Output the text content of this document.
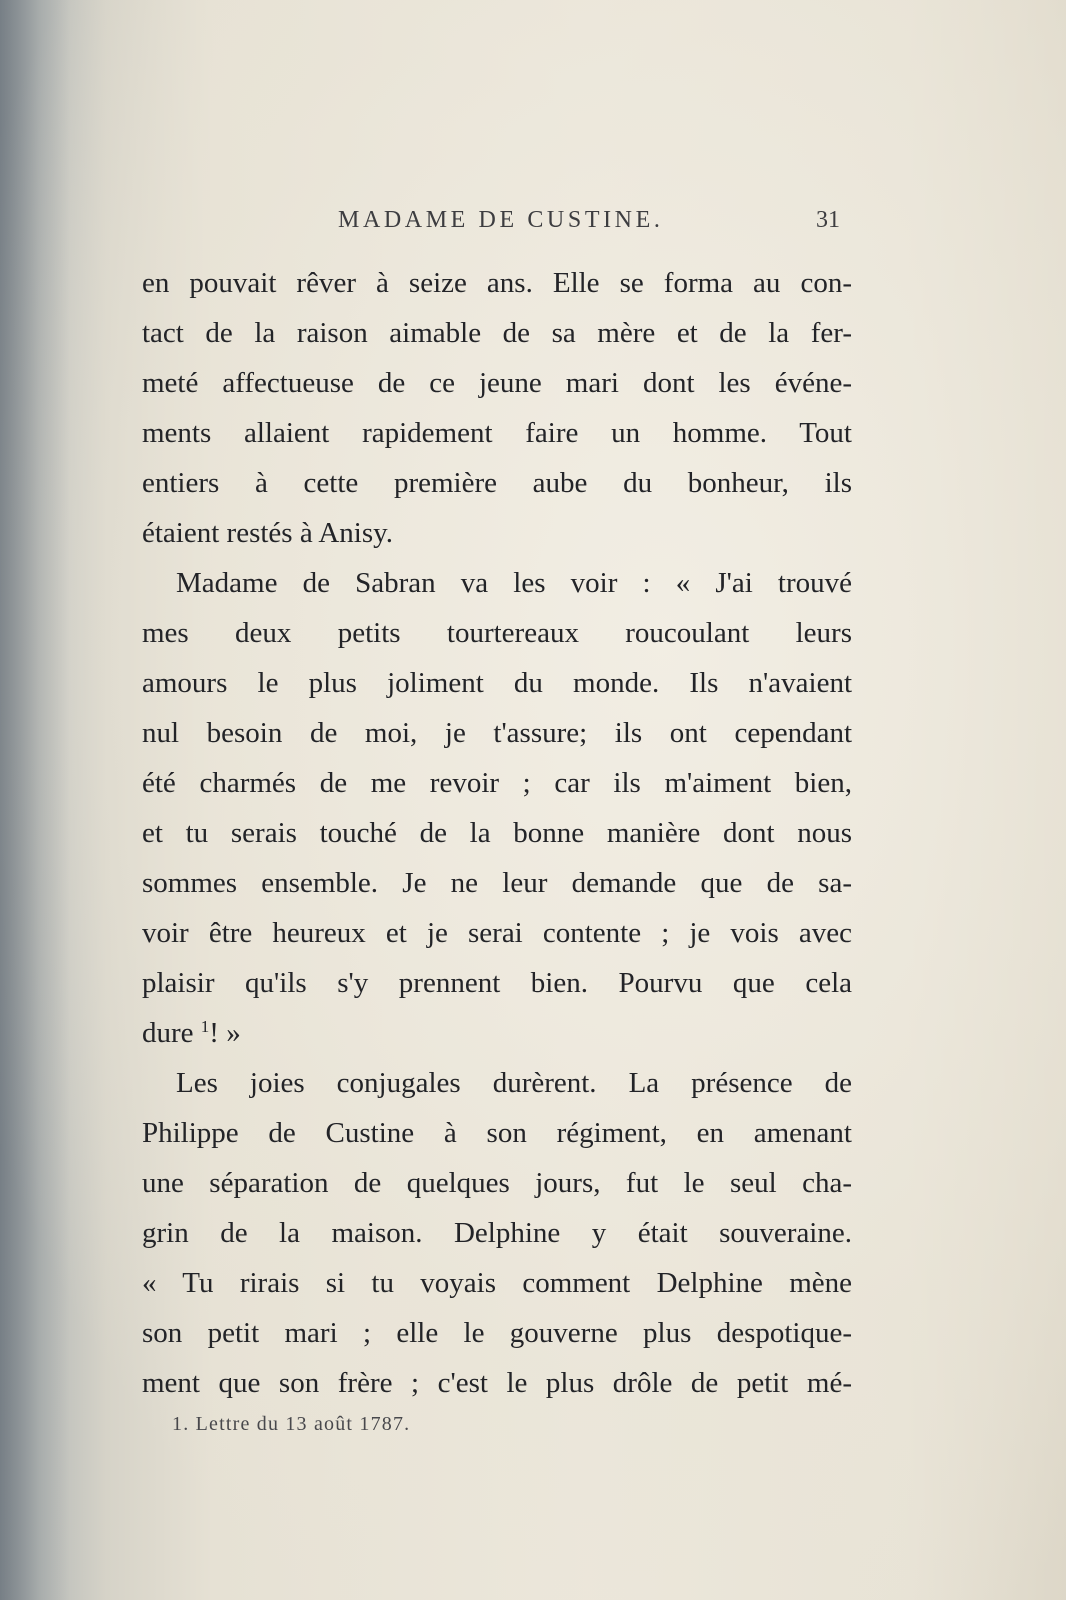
MADAME DE CUSTINE.	31
en pouvait rêver à seize ans. Elle se forma au con-
tact de la raison aimable de sa mère et de la fer-
meté affectueuse de ce jeune mari dont les événe-
ments allaient rapidement faire un homme. Tout
entiers à cette première aube du bonheur, ils
étaient restés à Anisy.
Madame de Sabran va les voir : « J'ai trouvé
mes deux petits tourtereaux roucoulant leurs
amours le plus joliment du monde. Ils n'avaient
nul besoin de moi, je t'assure; ils ont cependant
été charmés de me revoir ; car ils m'aiment bien,
et tu serais touché de la bonne manière dont nous
sommes ensemble. Je ne leur demande que de sa-
voir être heureux et je serai contente ; je vois avec
plaisir qu'ils s'y prennent bien. Pourvu que cela
dure $^1$! »
Les joies conjugales durèrent. La présence de
Philippe de Custine à son régiment, en amenant
une séparation de quelques jours, fut le seul cha-
grin de la maison. Delphine y était souveraine.
« Tu rirais si tu voyais comment Delphine mène
son petit mari ; elle le gouverne plus despotique-
ment que son frère ; c'est le plus drôle de petit mé-
1. Lettre du 13 août 1787.
